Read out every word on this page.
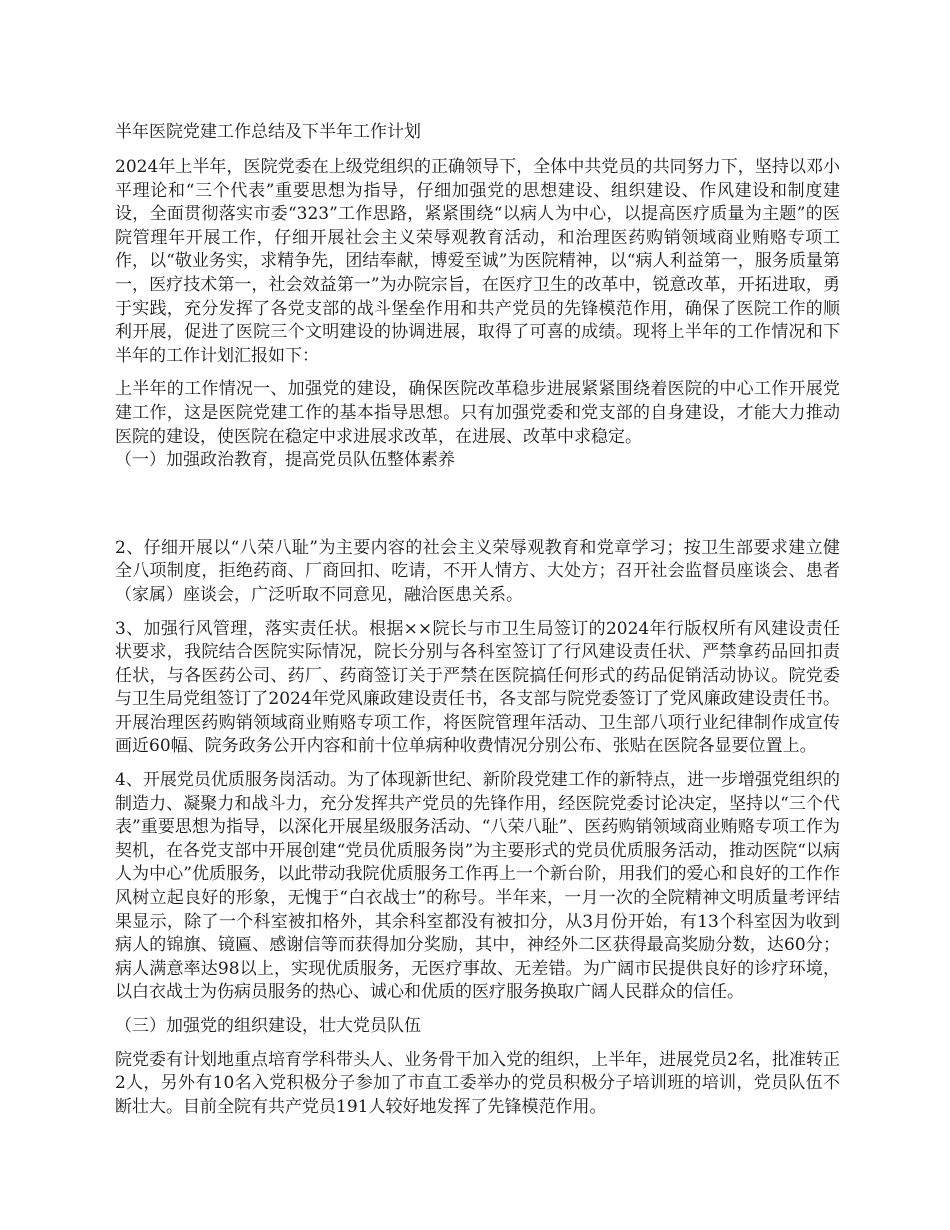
半年医院党建工作总结及下半年工作计划

2024年上半年，医院党委在上级党组织的正确领导下，全体中共党员的共同努力下，坚持以邓小平理论和“三个代表”重要思想为指导，仔细加强党的思想建设、组织建设、作风建设和制度建设，全面贯彻落实市委“323”工作思路，紧紧围绕“以病人为中心，以提高医疗质量为主题”的医院管理年开展工作，仔细开展社会主义荣辱观教育活动，和治理医药购销领域商业贿赂专项工作，以“敬业务实，求精争先，团结奉献，博爱至诚”为医院精神，以“病人利益第一，服务质量第一，医疗技术第一，社会效益第一”为办院宗旨，在医疗卫生的改革中，锐意改革，开拓进取，勇于实践，充分发挥了各党支部的战斗堡垒作用和共产党员的先锋模范作用，确保了医院工作的顺利开展，促进了医院三个文明建设的协调进展，取得了可喜的成绩。现将上半年的工作情况和下半年的工作计划汇报如下：

上半年的工作情况一、加强党的建设，确保医院改革稳步进展紧紧围绕着医院的中心工作开展党建工作，这是医院党建工作的基本指导思想。只有加强党委和党支部的自身建设，才能大力推动医院的建设，使医院在稳定中求进展求改革，在进展、改革中求稳定。

（一）加强政治教育，提高党员队伍整体素养

2、仔细开展以“八荣八耻”为主要内容的社会主义荣辱观教育和党章学习；按卫生部要求建立健全八项制度，拒绝药商、厂商回扣、吃请，不开人情方、大处方；召开社会监督员座谈会、患者（家属）座谈会，广泛听取不同意见，融洽医患关系。

3、加强行风管理，落实责任状。根据××院长与市卫生局签订的2024年行版权所有风建设责任状要求，我院结合医院实际情况，院长分别与各科室签订了行风建设责任状、严禁拿药品回扣责任状，与各医药公司、药厂、药商签订关于严禁在医院搞任何形式的药品促销活动协议。院党委与卫生局党组签订了2024年党风廉政建设责任书，各支部与院党委签订了党风廉政建设责任书。开展治理医药购销领域商业贿赂专项工作，将医院管理年活动、卫生部八项行业纪律制作成宣传画近60幅、院务政务公开内容和前十位单病种收费情况分别公布、张贴在医院各显要位置上。

4、开展党员优质服务岗活动。为了体现新世纪、新阶段党建工作的新特点，进一步增强党组织的制造力、凝聚力和战斗力，充分发挥共产党员的先锋作用，经医院党委讨论决定，坚持以“三个代表”重要思想为指导，以深化开展星级服务活动、“八荣八耻”、医药购销领域商业贿赂专项工作为契机，在各党支部中开展创建“党员优质服务岗”为主要形式的党员优质服务活动，推动医院“以病人为中心”优质服务，以此带动我院优质服务工作再上一个新台阶，用我们的爱心和良好的工作作风树立起良好的形象，无愧于“白衣战士”的称号。半年来，一月一次的全院精神文明质量考评结果显示，除了一个科室被扣格外，其余科室都没有被扣分，从3月份开始，有13个科室因为收到病人的锦旗、镜匾、感谢信等而获得加分奖励，其中，神经外二区获得最高奖励分数，达60分；病人满意率达98以上，实现优质服务，无医疗事故、无差错。为广阔市民提供良好的诊疗环境，以白衣战士为伤病员服务的热心、诚心和优质的医疗服务换取广阔人民群众的信任。

（三）加强党的组织建设，壮大党员队伍

院党委有计划地重点培育学科带头人、业务骨干加入党的组织，上半年，进展党员2名，批准转正2人，另外有10名入党积极分子参加了市直工委举办的党员积极分子培训班的培训，党员队伍不断壮大。目前全院有共产党员191人较好地发挥了先锋模范作用。
